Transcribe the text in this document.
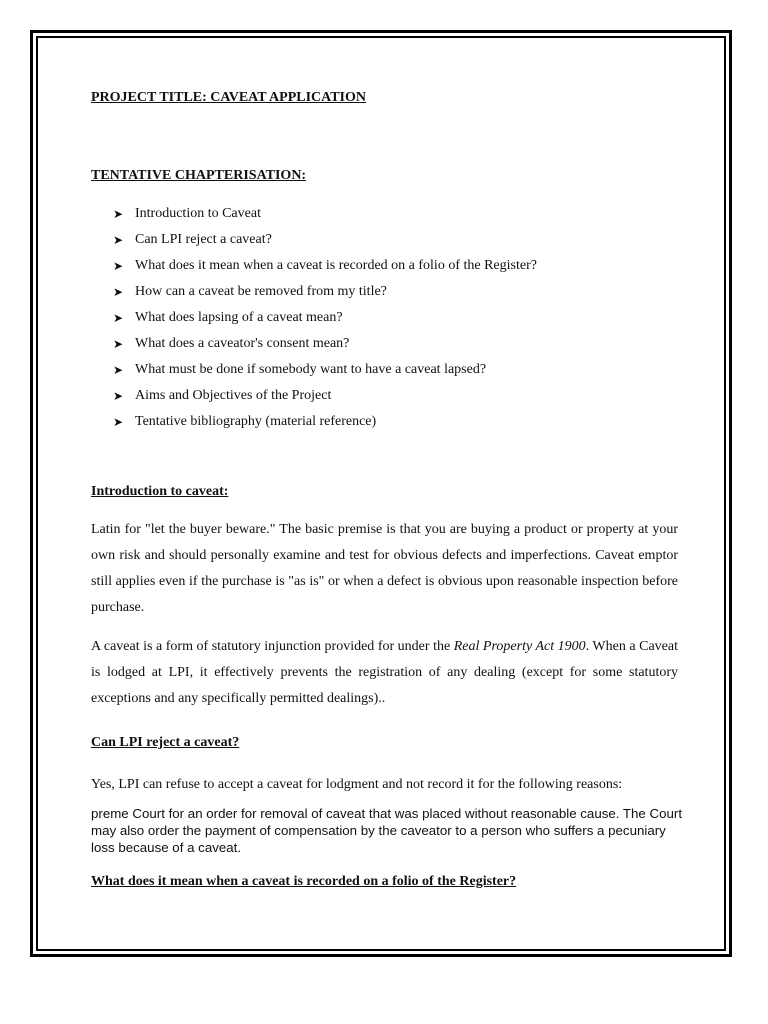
PROJECT TITLE: CAVEAT APPLICATION
TENTATIVE CHAPTERISATION:
➤ Introduction to Caveat
➤ Can LPI reject a caveat?
➤ What does it mean when a caveat is recorded on a folio of the Register?
➤ How can a caveat be removed from my title?
➤ What does lapsing of a caveat mean?
➤ What does a caveator's consent mean?
➤ What must be done if somebody want to have a caveat lapsed?
➤ Aims and Objectives of the Project
➤ Tentative bibliography (material reference)
Introduction to caveat:

Latin for "let the buyer beware." The basic premise is that you are buying a product or property at your own risk and should personally examine and test for obvious defects and imperfections. Caveat emptor still applies even if the purchase is "as is" or when a defect is obvious upon reasonable inspection before purchase.

A caveat is a form of statutory injunction provided for under the Real Property Act 1900. When a Caveat is lodged at LPI, it effectively prevents the registration of any dealing (except for some statutory exceptions and any specifically permitted dealings)..

Can LPI reject a caveat?

Yes, LPI can refuse to accept a caveat for lodgment and not record it for the following reasons:

preme Court for an order for removal of caveat that was placed without reasonable cause. The Court may also order the payment of compensation by the caveator to a person who suffers a pecuniary loss because of a caveat.

What does it mean when a caveat is recorded on a folio of the Register?
